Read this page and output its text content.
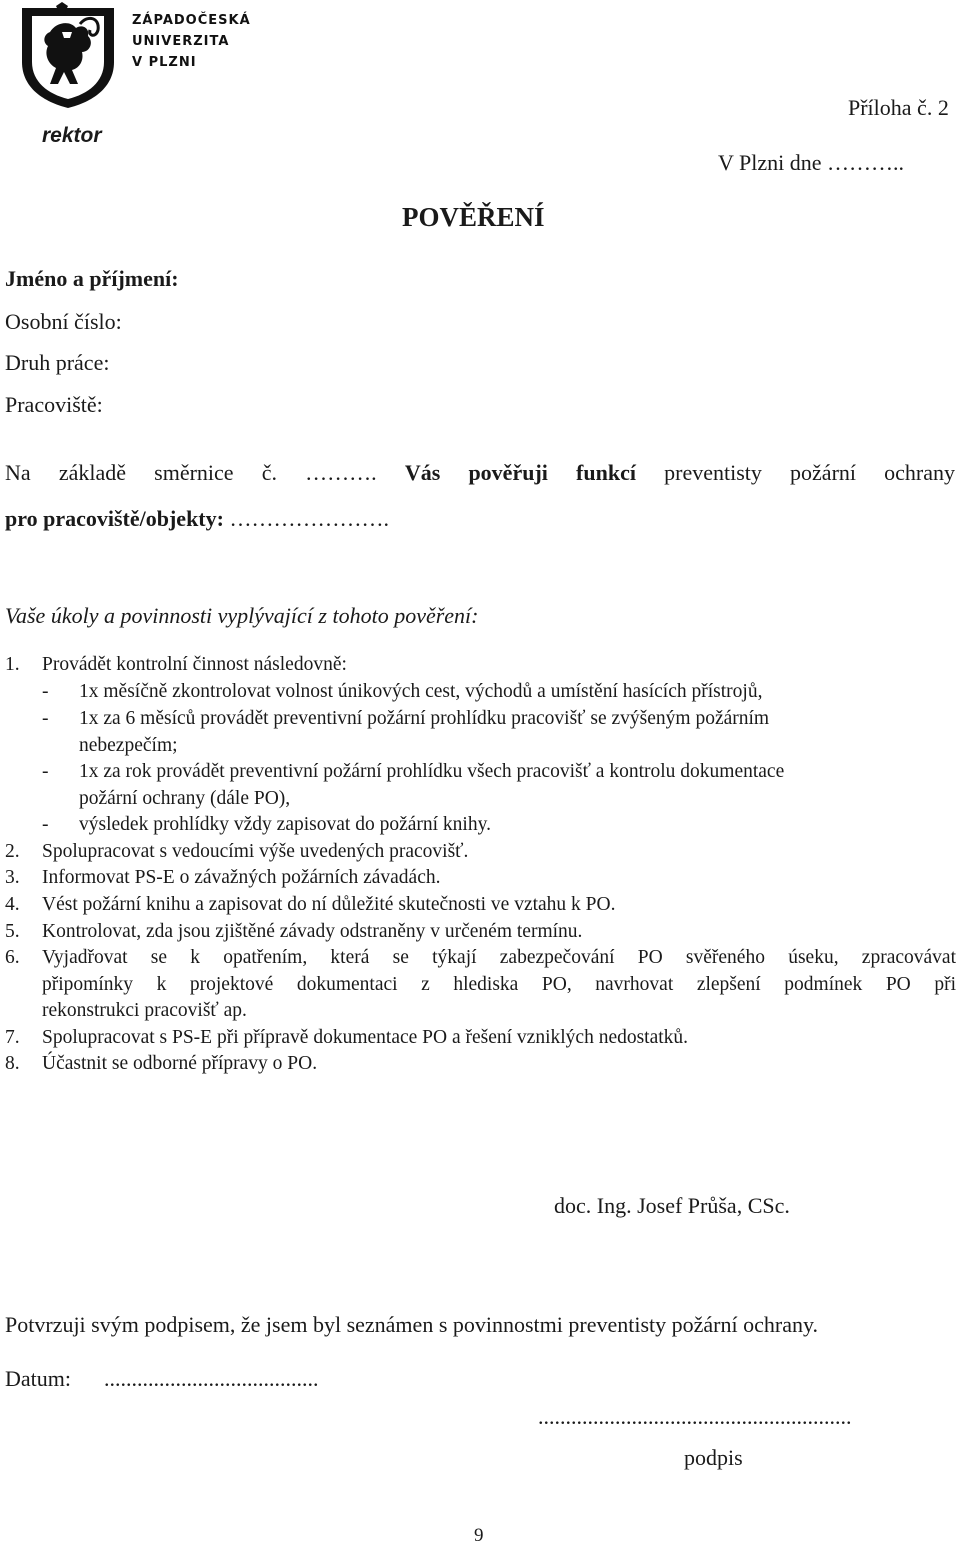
ZÁPADOČESKÁ
UNIVERZITA
V PLZNI
rektor
Příloha č. 2
V Plzni dne ………..
POVĚŘENÍ
Jméno a příjmení:
Osobní číslo:
Druh práce:
Pracoviště:
Na základě směrnice č. ………. Vás pověřuji funkcí preventisty požární ochrany
pro pracoviště/objekty: ………………….
Vaše úkoly a povinnosti vyplývající z tohoto pověření:
1. Provádět kontrolní činnost následovně:
- 1x měsíčně zkontrolovat volnost únikových cest, východů a umístění hasících přístrojů,
- 1x za 6 měsíců provádět preventivní požární prohlídku pracovišť se zvýšeným požárním
nebezpečím;
- 1x za rok provádět preventivní požární prohlídku všech pracovišť a kontrolu dokumentace
požární ochrany (dále PO),
- výsledek prohlídky vždy zapisovat do požární knihy.
2. Spolupracovat s vedoucími výše uvedených pracovišť.
3. Informovat PS-E o závažných požárních závadách.
4. Vést požární knihu a zapisovat do ní důležité skutečnosti ve vztahu k PO.
5. Kontrolovat, zda jsou zjištěné závady odstraněny v určeném termínu.
6. Vyjadřovat se k opatřením, která se týkají zabezpečování PO svěřeného úseku, zpracovávat
připomínky k projektové dokumentaci z hlediska PO, navrhovat zlepšení podmínek PO při
rekonstrukci pracovišť ap.
7. Spolupracovat s PS-E při přípravě dokumentace PO a řešení vzniklých nedostatků.
8. Účastnit se odborné přípravy o PO.
doc. Ing. Josef Průša, CSc.
Potvrzuji svým podpisem, že jsem byl seznámen s povinnostmi preventisty požární ochrany.
Datum: .......................................
.........................................................
podpis
9
